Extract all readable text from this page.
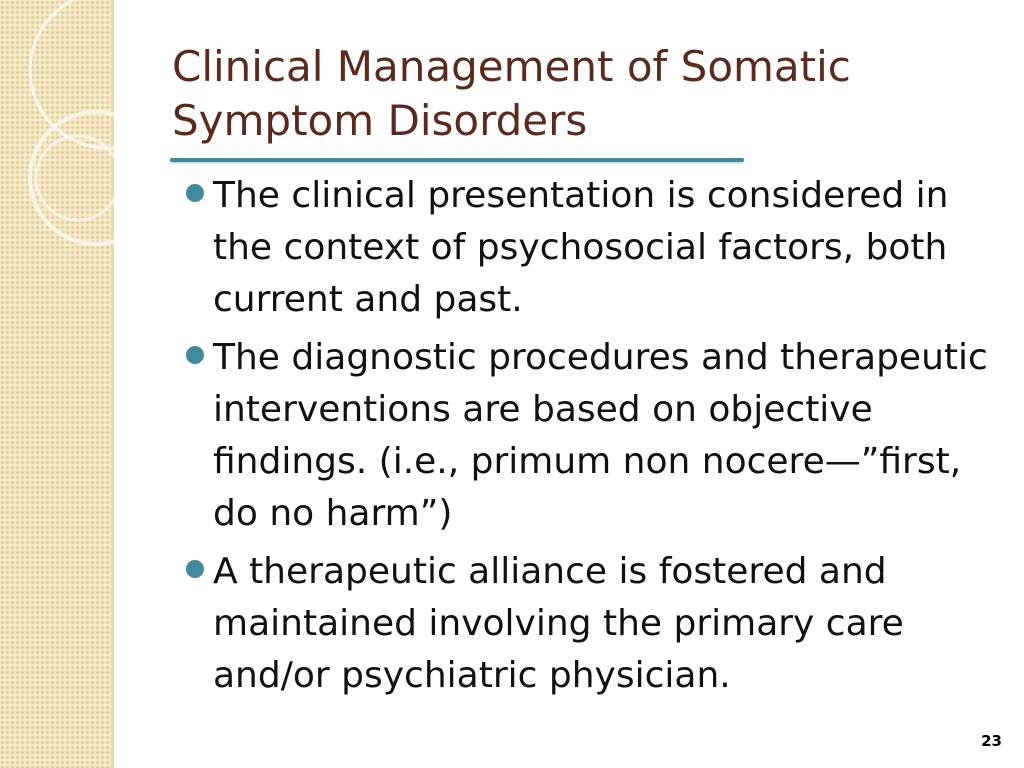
Clinical Management of Somatic Symptom Disorders
The clinical presentation is considered in the context of psychosocial factors, both current and past.
The diagnostic procedures and therapeutic interventions are based on objective findings. (i.e., primum non nocere—”first, do no harm”)
A therapeutic alliance is fostered and maintained involving the primary care and/or psychiatric physician.
23
